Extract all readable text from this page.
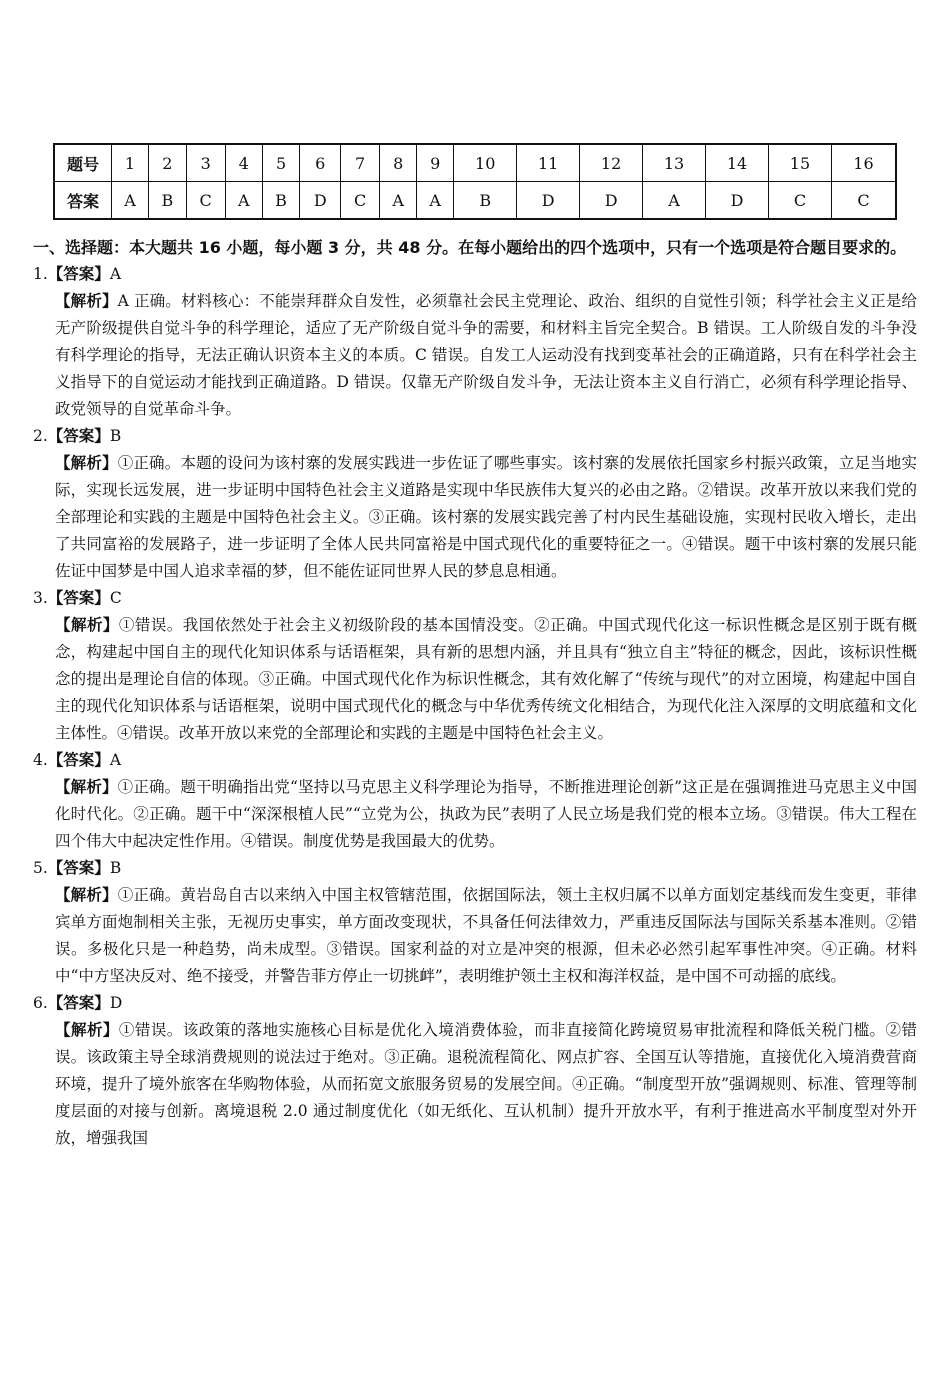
题号	1	2	3	4	5	6	7	8	9	10	11	12	13	14	15	16
答案	A	B	C	A	B	D	C	A	A	B	D	D	A	D	C	C
一、选择题：本大题共 16 小题，每小题 3 分，共 48 分。在每小题给出的四个选项中，只有一个选项是符合题目要求的。
1.【答案】A
【解析】A 正确。材料核心：不能崇拜群众自发性，必须靠社会民主党理论、政治、组织的自觉性引领；科学社会主义正是给无产阶级提供自觉斗争的科学理论，适应了无产阶级自觉斗争的需要，和材料主旨完全契合。B 错误。工人阶级自发的斗争没有科学理论的指导，无法正确认识资本主义的本质。C 错误。自发工人运动没有找到变革社会的正确道路，只有在科学社会主义指导下的自觉运动才能找到正确道路。D 错误。仅靠无产阶级自发斗争，无法让资本主义自行消亡，必须有科学理论指导、政党领导的自觉革命斗争。
2.【答案】B
【解析】①正确。本题的设问为该村寨的发展实践进一步佐证了哪些事实。该村寨的发展依托国家乡村振兴政策，立足当地实际，实现长远发展，进一步证明中国特色社会主义道路是实现中华民族伟大复兴的必由之路。②错误。改革开放以来我们党的全部理论和实践的主题是中国特色社会主义。③正确。该村寨的发展实践完善了村内民生基础设施，实现村民收入增长，走出了共同富裕的发展路子，进一步证明了全体人民共同富裕是中国式现代化的重要特征之一。④错误。题干中该村寨的发展只能佐证中国梦是中国人追求幸福的梦，但不能佐证同世界人民的梦息息相通。
3.【答案】C
【解析】①错误。我国依然处于社会主义初级阶段的基本国情没变。②正确。中国式现代化这一标识性概念是区别于既有概念，构建起中国自主的现代化知识体系与话语框架，具有新的思想内涵，并且具有“独立自主”特征的概念，因此，该标识性概念的提出是理论自信的体现。③正确。中国式现代化作为标识性概念，其有效化解了“传统与现代”的对立困境，构建起中国自主的现代化知识体系与话语框架，说明中国式现代化的概念与中华优秀传统文化相结合，为现代化注入深厚的文明底蕴和文化主体性。④错误。改革开放以来党的全部理论和实践的主题是中国特色社会主义。
4.【答案】A
【解析】①正确。题干明确指出党“坚持以马克思主义科学理论为指导，不断推进理论创新”这正是在强调推进马克思主义中国化时代化。②正确。题干中“深深根植人民”“立党为公，执政为民”表明了人民立场是我们党的根本立场。③错误。伟大工程在四个伟大中起决定性作用。④错误。制度优势是我国最大的优势。
5.【答案】B
【解析】①正确。黄岩岛自古以来纳入中国主权管辖范围，依据国际法，领土主权归属不以单方面划定基线而发生变更，菲律宾单方面炮制相关主张，无视历史事实，单方面改变现状，不具备任何法律效力，严重违反国际法与国际关系基本准则。②错误。多极化只是一种趋势，尚未成型。③错误。国家利益的对立是冲突的根源，但未必必然引起军事性冲突。④正确。材料中“中方坚决反对、绝不接受，并警告菲方停止一切挑衅”，表明维护领土主权和海洋权益，是中国不可动摇的底线。
6.【答案】D
【解析】①错误。该政策的落地实施核心目标是优化入境消费体验，而非直接简化跨境贸易审批流程和降低关税门槛。②错误。该政策主导全球消费规则的说法过于绝对。③正确。退税流程简化、网点扩容、全国互认等措施，直接优化入境消费营商环境，提升了境外旅客在华购物体验，从而拓宽文旅服务贸易的发展空间。④正确。“制度型开放”强调规则、标准、管理等制度层面的对接与创新。离境退税 2.0 通过制度优化（如无纸化、互认机制）提升开放水平，有利于推进高水平制度型对外开放，增强我国
